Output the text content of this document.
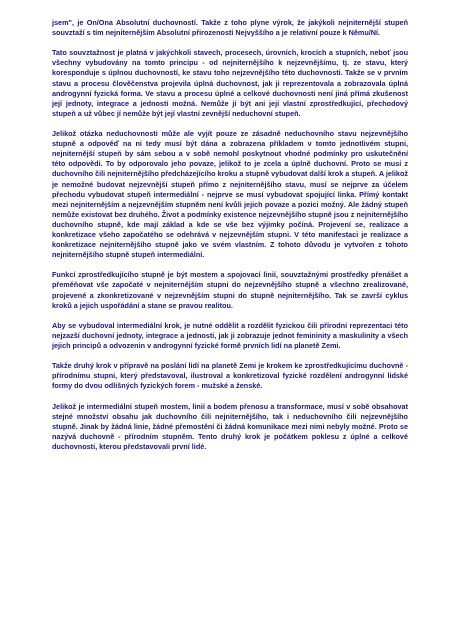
jsem", je On/Ona Absolutní duchovností. Takže z toho plyne výrok, že jakýkoli nejniternější stupeň souvztaží s tím nejniternějším Absolutní přirozenosti Nejvyššího a je relativní pouze k Němu/Ní.

Tato souvztažnost je platná v jakýchkoli stavech, procesech, úrovních, krocích a stupních, neboť jsou všechny vybudovány na tomto principu - od nejniternějšího k nejzevnějšímu, tj. ze stavu, který koresponduje s úplnou duchovností, ke stavu toho nejzevnějšího této duchovnosti. Takže se v prvním stavu a procesu člověčenstva projevila úplná duchovnost, jak ji reprezentovala a zobrazovala úplná androgynní fyzická forma. Ve stavu a procesu úplné a celkové duchovnosti není jiná přímá zkušenost její jednoty, integrace a jednosti možná. Nemůže jí být ani její vlastní zprostředkující, přechodový stupeň a už vůbec jí nemůže být její vlastní zevnější neduchovní stupeň.

Jelikož otázka neduchovnosti může ale vyjít pouze ze zásadně neduchovního stavu nejzevnějšího stupně a odpověď na ni tedy musí být dána a zobrazena příkladem v tomto jednotlivém stupni, nejniternější stupeň by sám sebou a v sobě nemohl poskytnout vhodné podmínky pro uskutečnění této odpovědi. To by odporovalo jeho povaze, jelikož to je zcela a úplně duchovní. Proto se musí z duchovního čili nejniternějšího předcházejícího kroku a stupně vybudovat další krok a stupeň. A jelikož je nemožné budovat nejzevnější stupeň přímo z nejniternějšího stavu, musí se nejprve za účelem přechodu vybudovat stupeň intermediální - nejprve se musí vybudovat spojující linka. Přímý kontakt mezi nejniternějším a nejzevnějším stupněm není kvůli jejich povaze a pozici možný. Ale žádný stupeň nemůže existovat bez druhého. Život a podmínky existence nejzevnějšího stupně jsou z nejniternějšího duchovního stupně, kde mají základ a kde se vše bez výjimky počíná. Projevení se, realizace a konkretizace všeho započatého se odehrává v nejzevnějším stupni. V této manifestaci je realizace a konkretizace nejniternějšího stupně jako ve svém vlastním. Z tohoto důvodu je vytvořen z tohoto nejniternějšího stupně stupeň intermediální.

Funkcí zprostředkujícího stupně je být mostem a spojovací linií, souvztažnými prostředky přenášet a přeměňovat vše započaté v nejniternějším stupni do nejzevnějšího stupně a všechno zrealizované, projevené a zkonkretizované v nejzevnějším stupni do stupně nejniternějšího. Tak se završí cyklus kroků a jejich uspořádání a stane se pravou realitou.

Aby se vybudoval intermediální krok, je nutné oddělit a rozdělit fyzickou čili přírodní reprezentaci této nejzazší duchovní jednoty, integrace a jednosti, jak ji zobrazuje jednot femininity a maskulinity a všech jejich principů a odvozenin v androgynní fyzické formě prvních lidí na planetě Zemi.

Takže druhý krok v přípravě na poslání lidí na planetě Zemi je krokem ke zprostředkujícímu duchovně - přírodnímu stupni, který představoval, ilustroval a konkretizoval fyzické rozdělení androgynní lidské formy do dvou odlišných fyzických forem - mužské a ženské.

Jelikož je intermediální stupeň mostem, linií a bodem přenosu a transformace, musí v sobě obsahovat stejné množství obsahu jak duchovního čili nejniternějšího, tak i neduchovního čili nejzevnějšího stupně. Jinak by žádná linie, žádné přemostění či žádná komunikace mezi nimi nebyly možné. Proto se nazývá duchovně - přírodním stupněm. Tento druhý krok je počátkem poklesu z úplné a celkové duchovnosti, kterou představovali první lidé.
